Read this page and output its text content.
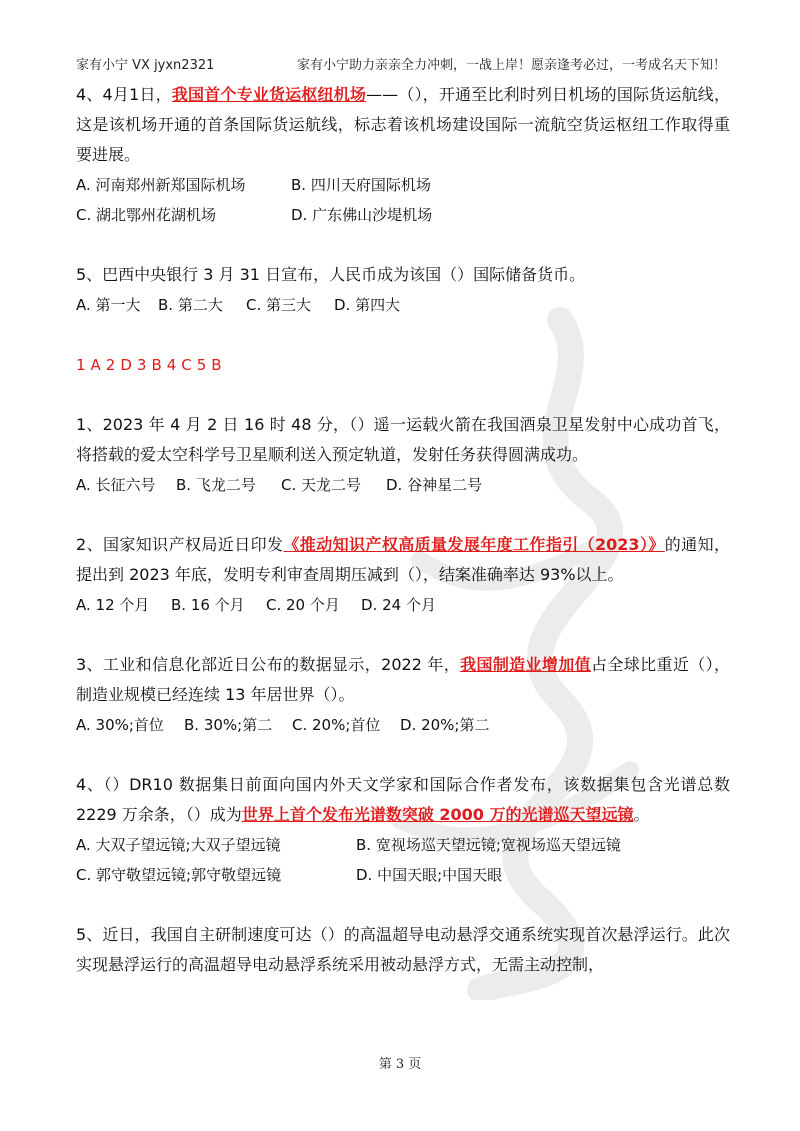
家有小宁 VX jyxn2321	家有小宁助力亲亲全力冲刺，一战上岸！愿亲逢考必过，一考成名天下知！

4、4月1日，我国首个专业货运枢纽机场——（），开通至比利时列日机场的国际货运航线，这是该机场开通的首条国际货运航线，标志着该机场建设国际一流航空货运枢纽工作取得重要进展。

A. 河南郑州新郑国际机场	B. 四川天府国际机场

C. 湖北鄂州花湖机场	D. 广东佛山沙堤机场

5、巴西中央银行 3 月 31 日宣布，人民币成为该国（）国际储备货币。

A. 第一大 B. 第二大 C. 第三大 D. 第四大

1A2D3B4C5B

1、2023 年 4 月 2 日 16 时 48 分，（）遥一运载火箭在我国酒泉卫星发射中心成功首飞，将搭载的爱太空科学号卫星顺利送入预定轨道，发射任务获得圆满成功。

A. 长征六号 B. 飞龙二号 C. 天龙二号 D. 谷神星二号

2、国家知识产权局近日印发《推动知识产权高质量发展年度工作指引（2023）》的通知，提出到 2023 年底，发明专利审查周期压减到（），结案准确率达 93%以上。

A. 12 个月 B. 16 个月 C. 20 个月 D. 24 个月

3、工业和信息化部近日公布的数据显示，2022 年，我国制造业增加值占全球比重近（），制造业规模已经连续 13 年居世界（）。

A. 30%;首位 B. 30%;第二 C. 20%;首位 D. 20%;第二

4、（）DR10 数据集日前面向国内外天文学家和国际合作者发布，该数据集包含光谱总数 2229 万余条，（）成为世界上首个发布光谱数突破 2000 万的光谱巡天望远镜。

A. 大双子望远镜;大双子望远镜	B. 宽视场巡天望远镜;宽视场巡天望远镜

C. 郭守敬望远镜;郭守敬望远镜	D. 中国天眼;中国天眼

5、近日，我国自主研制速度可达（）的高温超导电动悬浮交通系统实现首次悬浮运行。此次实现悬浮运行的高温超导电动悬浮系统采用被动悬浮方式，无需主动控制，

第 3 页
